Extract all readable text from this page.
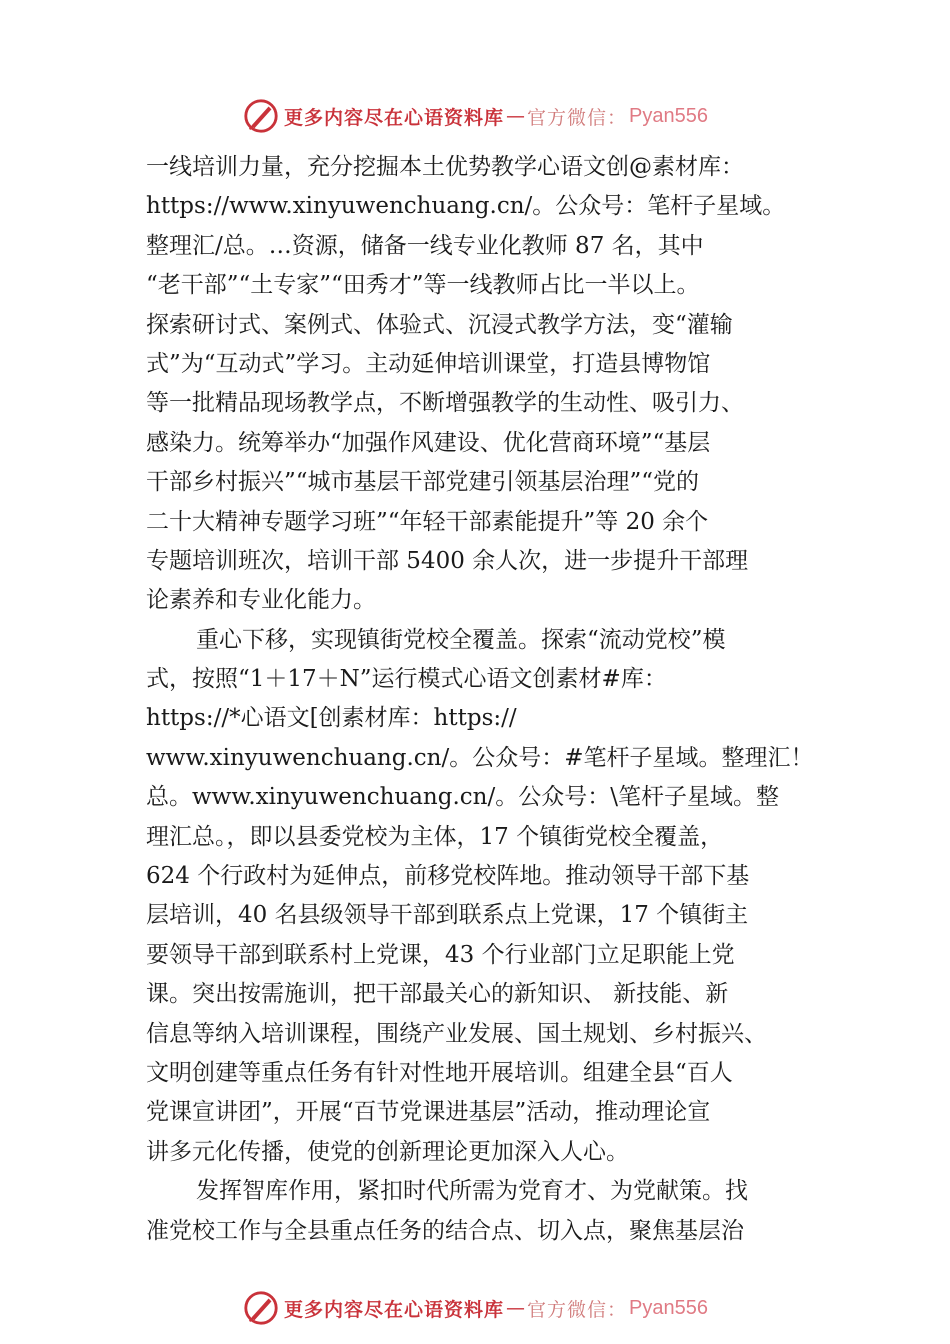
更多内容尽在心语资料库 — 官方微信： Pyan556
一线培训力量，充分挖掘本土优势教学心语文创@素材库：
https://www.xinyuwenchuang.cn/。公众号：笔杆子星域。
整理汇/总。…资源，储备一线专业化教师 87 名，其中
“老干部”“土专家”“田秀才”等一线教师占比一半以上。
探索研讨式、案例式、体验式、沉浸式教学方法，变“灌输
式”为“互动式”学习。主动延伸培训课堂，打造县博物馆
等一批精品现场教学点，不断增强教学的生动性、吸引力、
感染力。统筹举办“加强作风建设、优化营商环境”“基层
干部乡村振兴”“城市基层干部党建引领基层治理”“党的
二十大精神专题学习班”“年轻干部素能提升”等 20 余个
专题培训班次，培训干部 5400 余人次，进一步提升干部理
论素养和专业化能力。
重心下移，实现镇街党校全覆盖。探索“流动党校”模
式，按照“1＋17＋N”运行模式心语文创素材#库：
https://*心语文[创素材库：https://
www.xinyuwenchuang.cn/。公众号：#笔杆子星域。整理汇！
总。www.xinyuwenchuang.cn/。公众号：\笔杆子星域。整
理汇总。，即以县委党校为主体，17 个镇街党校全覆盖，
624 个行政村为延伸点，前移党校阵地。推动领导干部下基
层培训，40 名县级领导干部到联系点上党课，17 个镇街主
要领导干部到联系村上党课，43 个行业部门立足职能上党
课。突出按需施训，把干部最关心的新知识、 新技能、新
信息等纳入培训课程，围绕产业发展、国土规划、乡村振兴、
文明创建等重点任务有针对性地开展培训。组建全县“百人
党课宣讲团”，开展“百节党课进基层”活动，推动理论宣
讲多元化传播，使党的创新理论更加深入人心。
发挥智库作用，紧扣时代所需为党育才、为党献策。找
准党校工作与全县重点任务的结合点、切入点，聚焦基层治
更多内容尽在心语资料库 — 官方微信： Pyan556
